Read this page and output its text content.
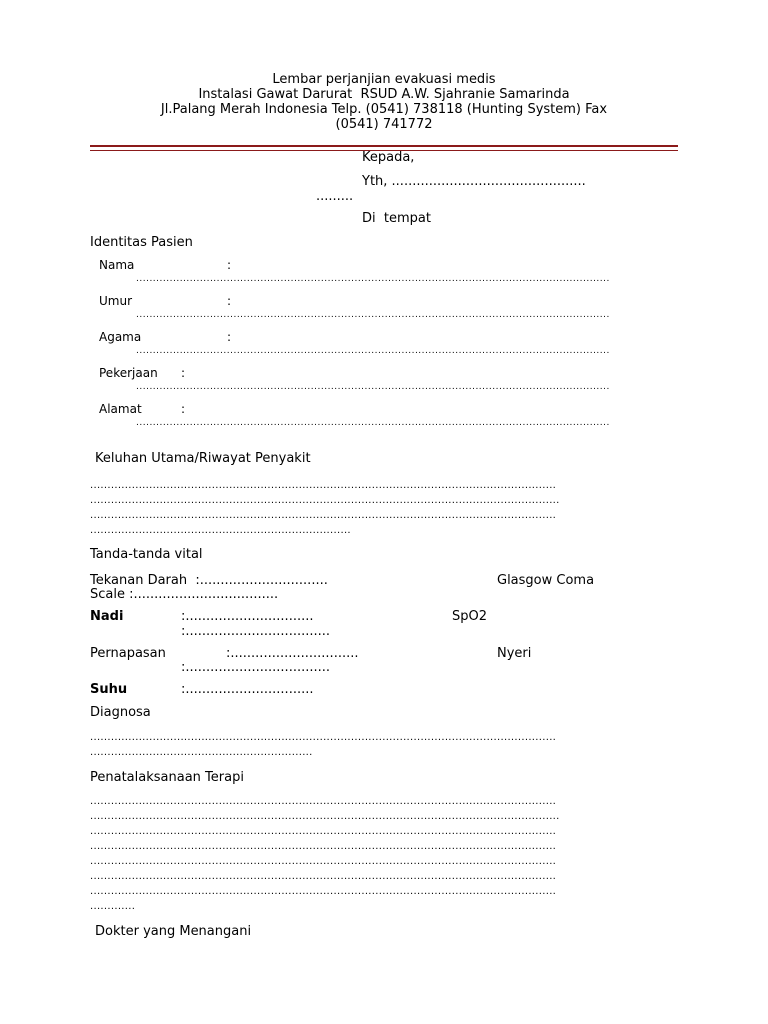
Lembar perjanjian evakuasi medis
Instalasi Gawat Darurat  RSUD A.W. Sjahranie Samarinda
Jl.Palang Merah Indonesia Telp. (0541) 738118 (Hunting System) Fax
(0541) 741772
Kepada,
Yth, ...............................................
.........
Di  tempat
Identitas Pasien
Nama	:
.............................................................................................................................................
Umur	:
.............................................................................................................................................
Agama	:
.............................................................................................................................................
Pekerjaan :
.............................................................................................................................................
Alamat	:
.............................................................................................................................................
Keluhan Utama/Riwayat Penyakit
......................................................................................................................................
.......................................................................................................................................
......................................................................................................................................
...........................................................................
Tanda-tanda vital
Tekanan Darah  :...............................	Glasgow Coma
Scale :...................................
Nadi	:...............................	SpO2
:...................................
Pernapasan	:...............................	Nyeri
:...................................
Suhu	:...............................
Diagnosa
......................................................................................................................................
................................................................
Penatalaksanaan Terapi
......................................................................................................................................
.......................................................................................................................................
......................................................................................................................................
......................................................................................................................................
......................................................................................................................................
......................................................................................................................................
......................................................................................................................................
.............
Dokter yang Menangani
